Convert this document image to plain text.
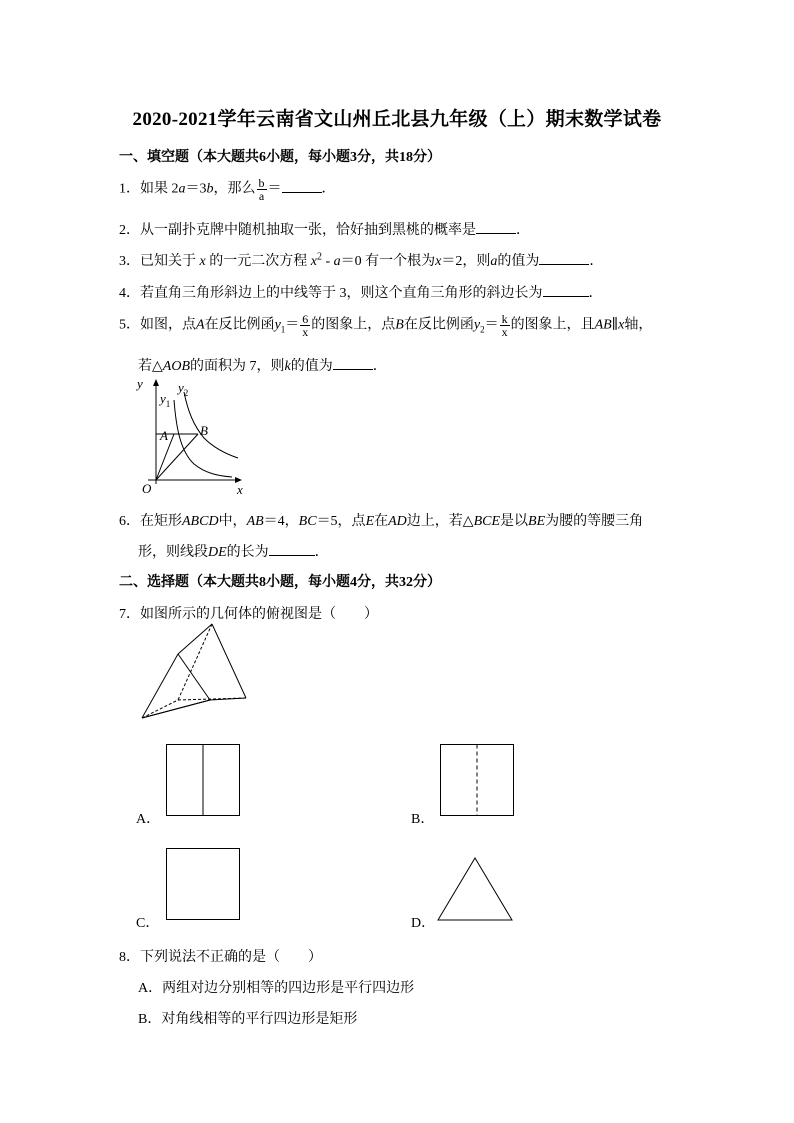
2020-2021学年云南省文山州丘北县九年级（上）期末数学试卷
一、填空题（本大题共6小题，每小题3分，共18分）
1．如果 2a＝3b，那么 $\frac{b}{a}$ ＝	．
2．从一副扑克牌中随机抽取一张，恰好抽到黑桃的概率是	．
3．已知关于 x 的一元二次方程 $x^2 - a=0$ 有一个根为x＝2，则a的值为	．
4．若直角三角形斜边上的中线等于 3，则这个直角三角形的斜边长为	．
5．如图，点A在反比例函$y_1= \frac{6}{x}$ 的图象上，点B在反比例函$y_2= \frac{k}{x}$ 的图象上，且AB∥x轴，
若△AOB的面积为 7，则k的值为	．
y
x
O
A B
$y_1$
$y_2$
6．在矩形ABCD中，AB＝4，BC＝5，点E在AD边上，若△BCE是以BE为腰的等腰三角
形，则线段DE的长为	．
二、选择题（本大题共8小题，每小题4分，共32分）
7．如图所示的几何体的俯视图是（　　）
A．	B．
C．	D．
8．下列说法不正确的是（　　）
A．两组对边分别相等的四边形是平行四边形
B．对角线相等的平行四边形是矩形
